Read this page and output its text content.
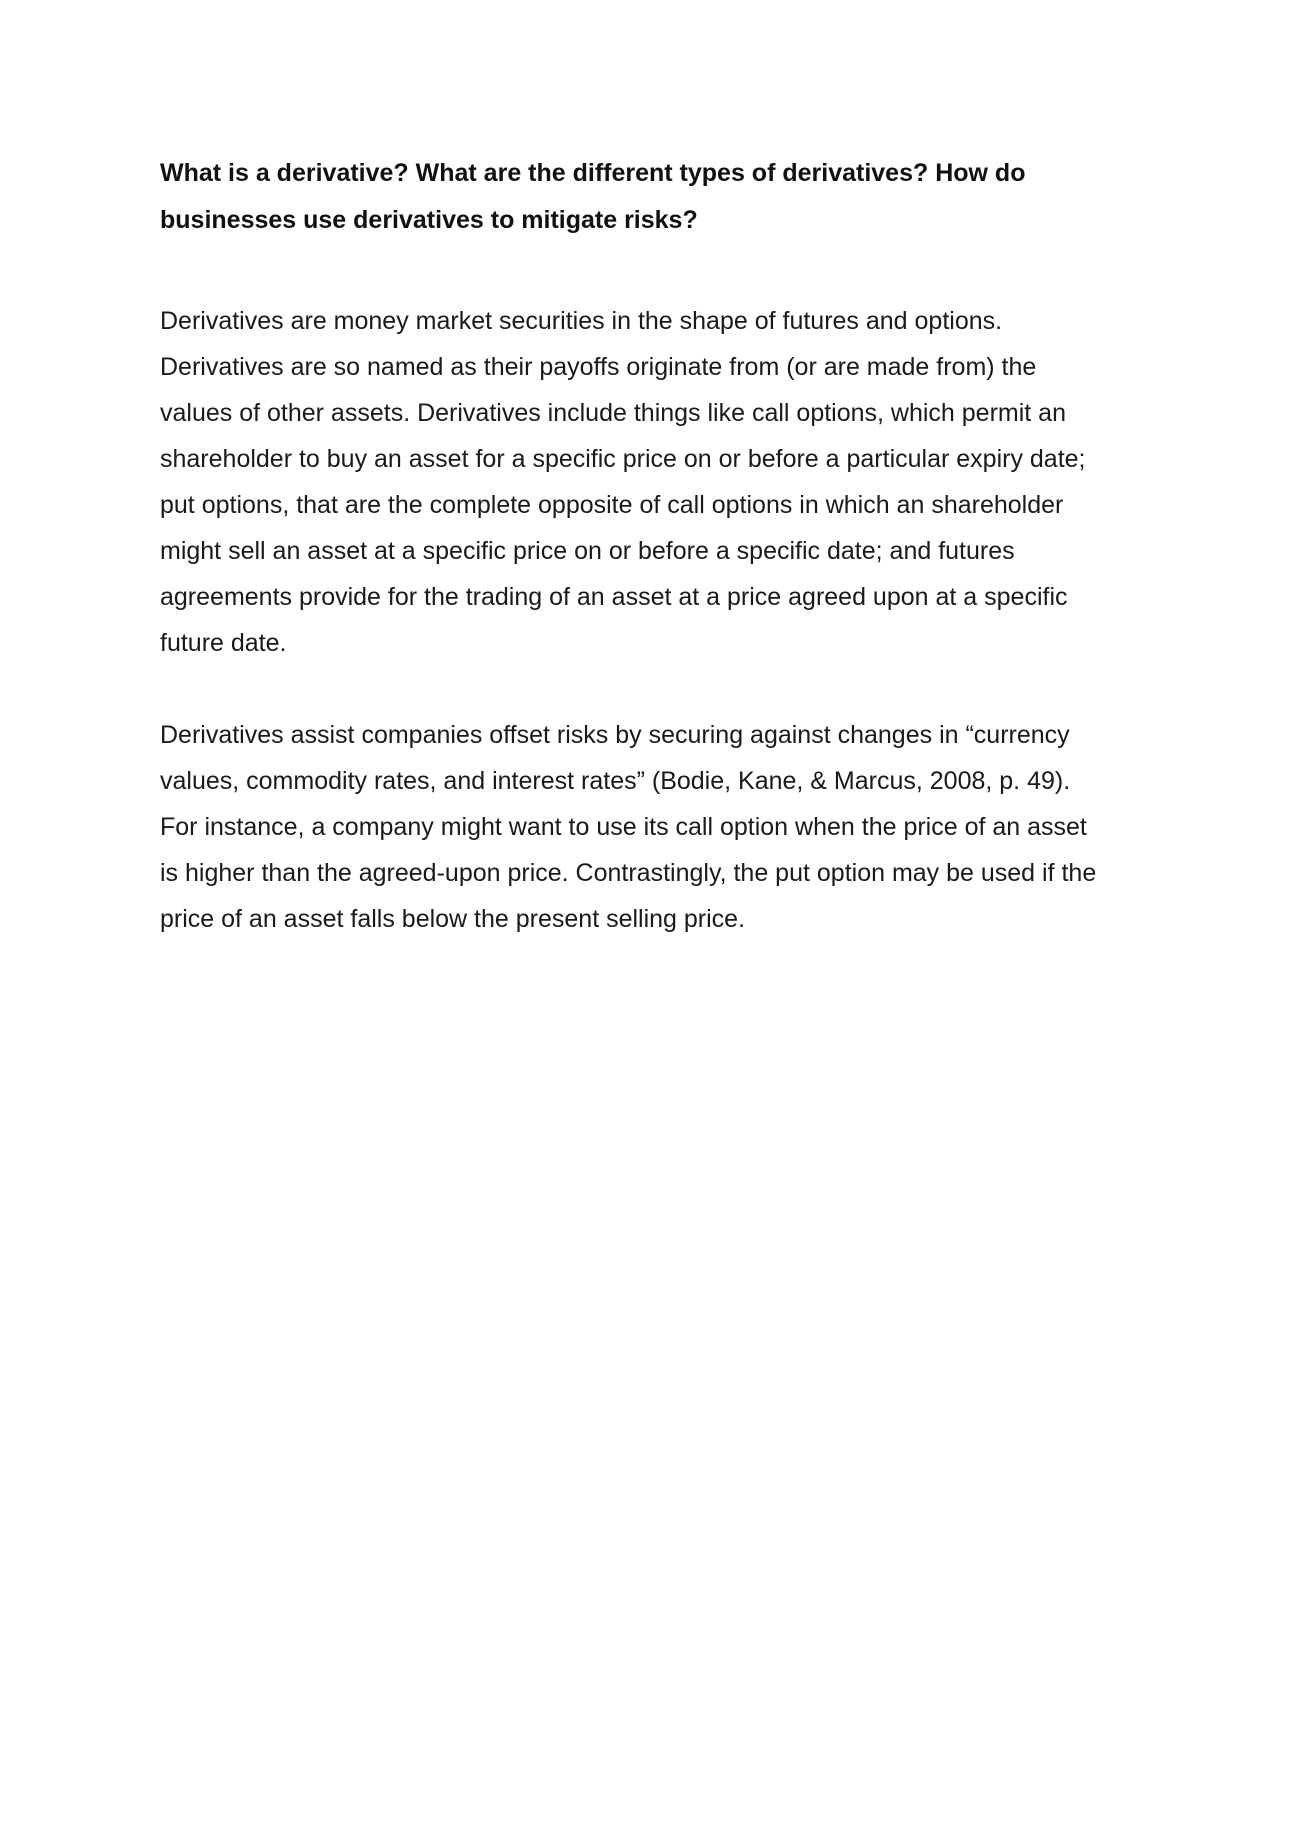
What is a derivative? What are the different types of derivatives? How do
businesses use derivatives to mitigate risks?

Derivatives are money market securities in the shape of futures and options.
Derivatives are so named as their payoffs originate from (or are made from) the
values of other assets. Derivatives include things like call options, which permit an
shareholder to buy an asset for a specific price on or before a particular expiry date;
put options, that are the complete opposite of call options in which an shareholder
might sell an asset at a specific price on or before a specific date; and futures
agreements provide for the trading of an asset at a price agreed upon at a specific
future date.

Derivatives assist companies offset risks by securing against changes in “currency
values, commodity rates, and interest rates” (Bodie, Kane, & Marcus, 2008, p. 49).
For instance, a company might want to use its call option when the price of an asset
is higher than the agreed-upon price. Contrastingly, the put option may be used if the
price of an asset falls below the present selling price.
